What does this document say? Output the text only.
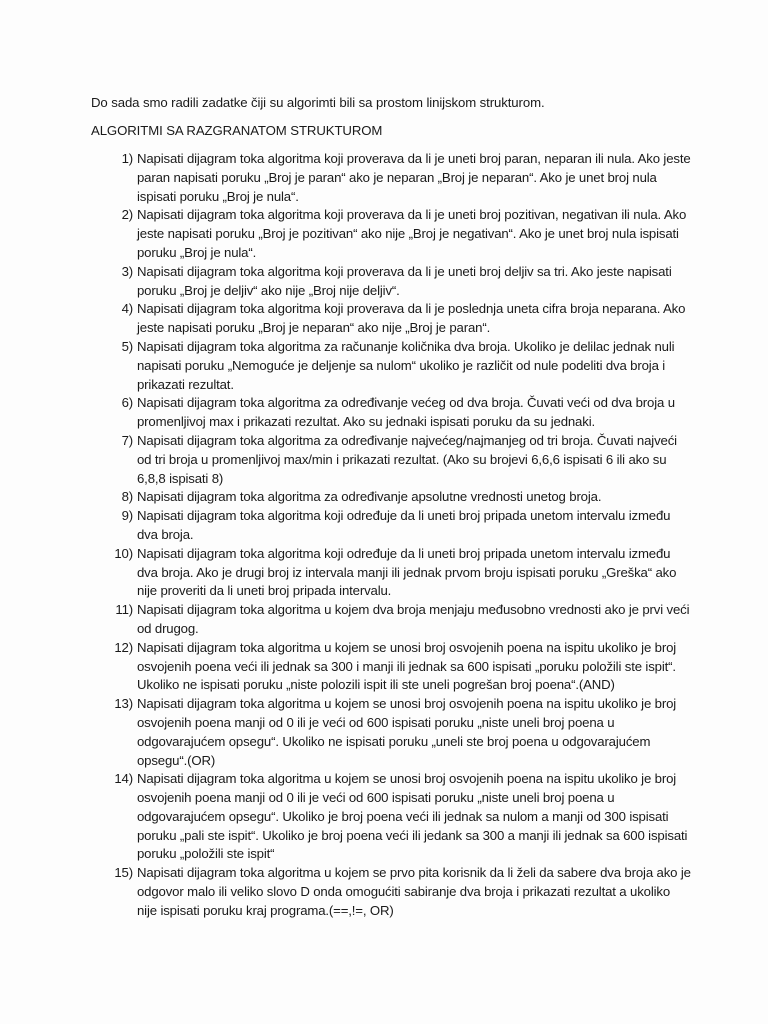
Do sada smo radili zadatke čiji su algorimti bili sa prostom linijskom strukturom.

ALGORITMI SA RAZGRANATOM STRUKTUROM

1) Napisati dijagram toka algoritma koji proverava da li je uneti broj paran, neparan ili nula. Ako jeste paran napisati poruku „Broj je paran“ ako je neparan „Broj je neparan“. Ako je unet broj nula ispisati poruku „Broj je nula“.
2) Napisati dijagram toka algoritma koji proverava da li je uneti broj pozitivan, negativan ili nula. Ako jeste napisati poruku „Broj je pozitivan“ ako nije „Broj je negativan“. Ako je unet broj nula ispisati poruku „Broj je nula“.
3) Napisati dijagram toka algoritma koji proverava da li je uneti broj deljiv sa tri. Ako jeste napisati poruku „Broj je deljiv“ ako nije „Broj nije deljiv“.
4) Napisati dijagram toka algoritma koji proverava da li je poslednja uneta cifra broja neparana. Ako jeste napisati poruku „Broj je neparan“ ako nije „Broj je paran“.
5) Napisati dijagram toka algoritma za računanje količnika dva broja. Ukoliko je delilac jednak nuli napisati poruku „Nemoguće je deljenje sa nulom“ ukoliko je različit od nule podeliti dva broja i prikazati rezultat.
6) Napisati dijagram toka algoritma za određivanje većeg od dva broja. Čuvati veći od dva broja u promenljivoj max i prikazati rezultat. Ako su jednaki ispisati poruku da su jednaki.
7) Napisati dijagram toka algoritma za određivanje najvećeg/najmanjeg od tri broja. Čuvati najveći od tri broja u promenljivoj max/min i prikazati rezultat. (Ako su brojevi 6,6,6 ispisati 6 ili ako su 6,8,8 ispisati 8)
8) Napisati dijagram toka algoritma za određivanje apsolutne vrednosti unetog broja.
9) Napisati dijagram toka algoritma koji određuje da li uneti broj pripada unetom intervalu između dva broja.
10) Napisati dijagram toka algoritma koji određuje da li uneti broj pripada unetom intervalu između dva broja. Ako je drugi broj iz intervala manji ili jednak prvom broju ispisati poruku „Greška“ ako nije proveriti da li uneti broj pripada intervalu.
11) Napisati dijagram toka algoritma u kojem dva broja menjaju međusobno vrednosti ako je prvi veći od drugog.
12) Napisati dijagram toka algoritma u kojem se unosi broj osvojenih poena na ispitu ukoliko je broj osvojenih poena veći ili jednak sa 300 i manji ili jednak sa 600 ispisati „poruku položili ste ispit“. Ukoliko ne ispisati poruku „niste polozili ispit ili ste uneli pogrešan broj poena“.(AND)
13) Napisati dijagram toka algoritma u kojem se unosi broj osvojenih poena na ispitu ukoliko je broj osvojenih poena manji od 0 ili je veći od 600 ispisati poruku „niste uneli broj poena u odgovarajućem opsegu“. Ukoliko ne ispisati poruku „uneli ste broj poena u odgovarajućem opsegu“.(OR)
14) Napisati dijagram toka algoritma u kojem se unosi broj osvojenih poena na ispitu ukoliko je broj osvojenih poena manji od 0 ili je veći od 600 ispisati poruku „niste uneli broj poena u odgovarajućem opsegu“. Ukoliko je broj poena veći ili jednak sa nulom a manji od 300 ispisati poruku „pali ste ispit“. Ukoliko je broj poena veći ili jedank sa 300 a manji ili jednak sa 600 ispisati poruku „položili ste ispit“
15) Napisati dijagram toka algoritma u kojem se prvo pita korisnik da li želi da sabere dva broja ako je odgovor malo ili veliko slovo D onda omogućiti sabiranje dva broja i prikazati rezultat a ukoliko nije ispisati poruku kraj programa.(==,!=, OR)
